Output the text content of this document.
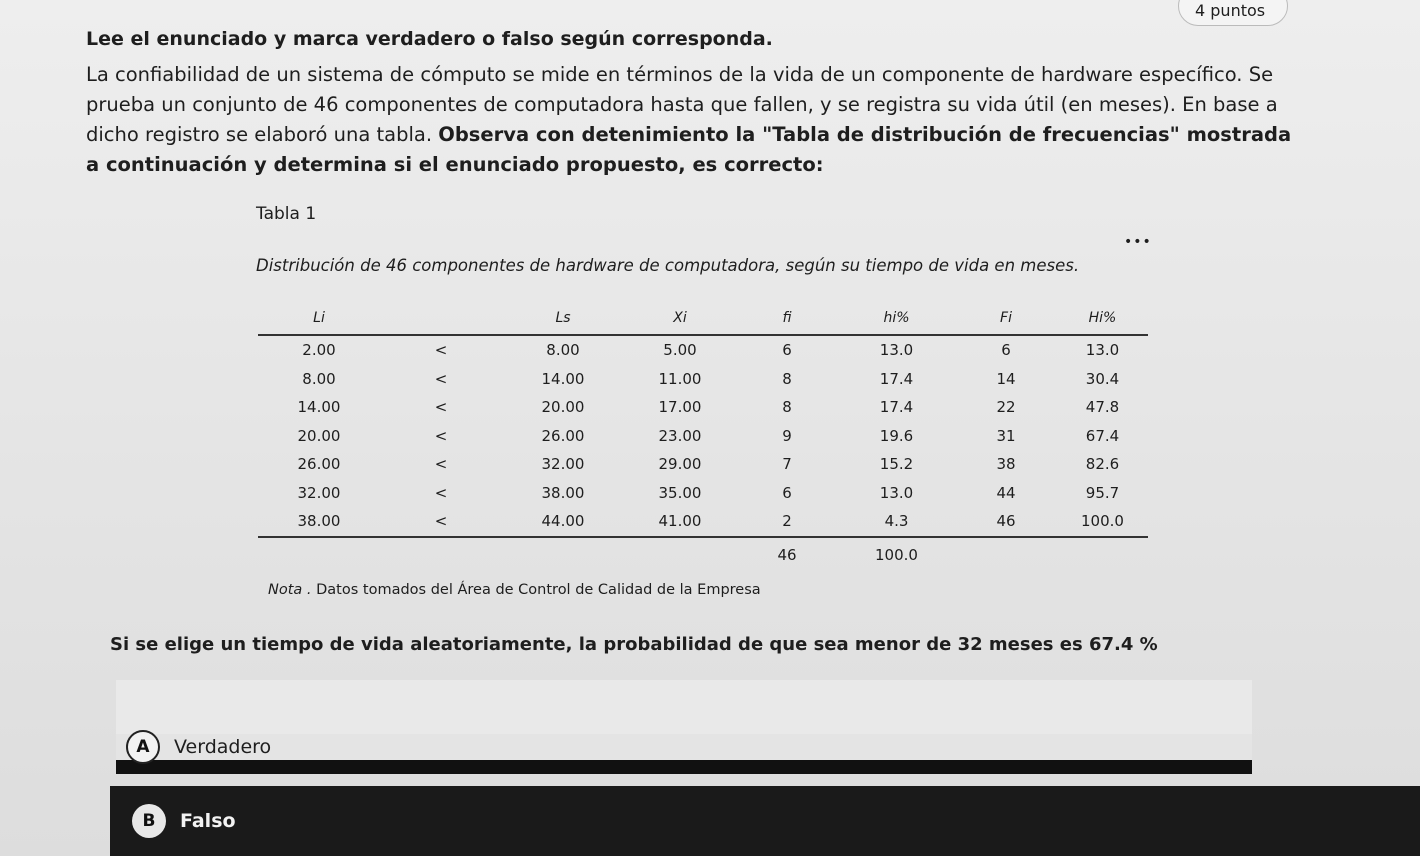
4 puntos
Lee el enunciado y marca verdadero o falso según corresponda.
La confiabilidad de un sistema de cómputo se mide en términos de la vida de un componente de hardware específico. Se prueba un conjunto de 46 componentes de computadora hasta que fallen, y se registra su vida útil (en meses). En base a dicho registro se elaboró una tabla. Observa con detenimiento la "Tabla de distribución de frecuencias" mostrada a continuación y determina si el enunciado propuesto, es correcto:
Tabla 1
•••
Distribución de 46 componentes de hardware de computadora, según su tiempo de vida en meses.
Li		Ls	Xi	fi	hi%	Fi	Hi%
2.00	<	8.00	5.00	6	13.0	6	13.0
8.00	<	14.00	11.00	8	17.4	14	30.4
14.00	<	20.00	17.00	8	17.4	22	47.8
20.00	<	26.00	23.00	9	19.6	31	67.4
26.00	<	32.00	29.00	7	15.2	38	82.6
32.00	<	38.00	35.00	6	13.0	44	95.7
38.00	<	44.00	41.00	2	4.3	46	100.0
				46	100.0		
Nota . Datos tomados del Área de Control de Calidad de la Empresa
Si se elige un tiempo de vida aleatoriamente, la probabilidad de que sea menor de 32 meses es 67.4 %
A	Verdadero
B	Falso
